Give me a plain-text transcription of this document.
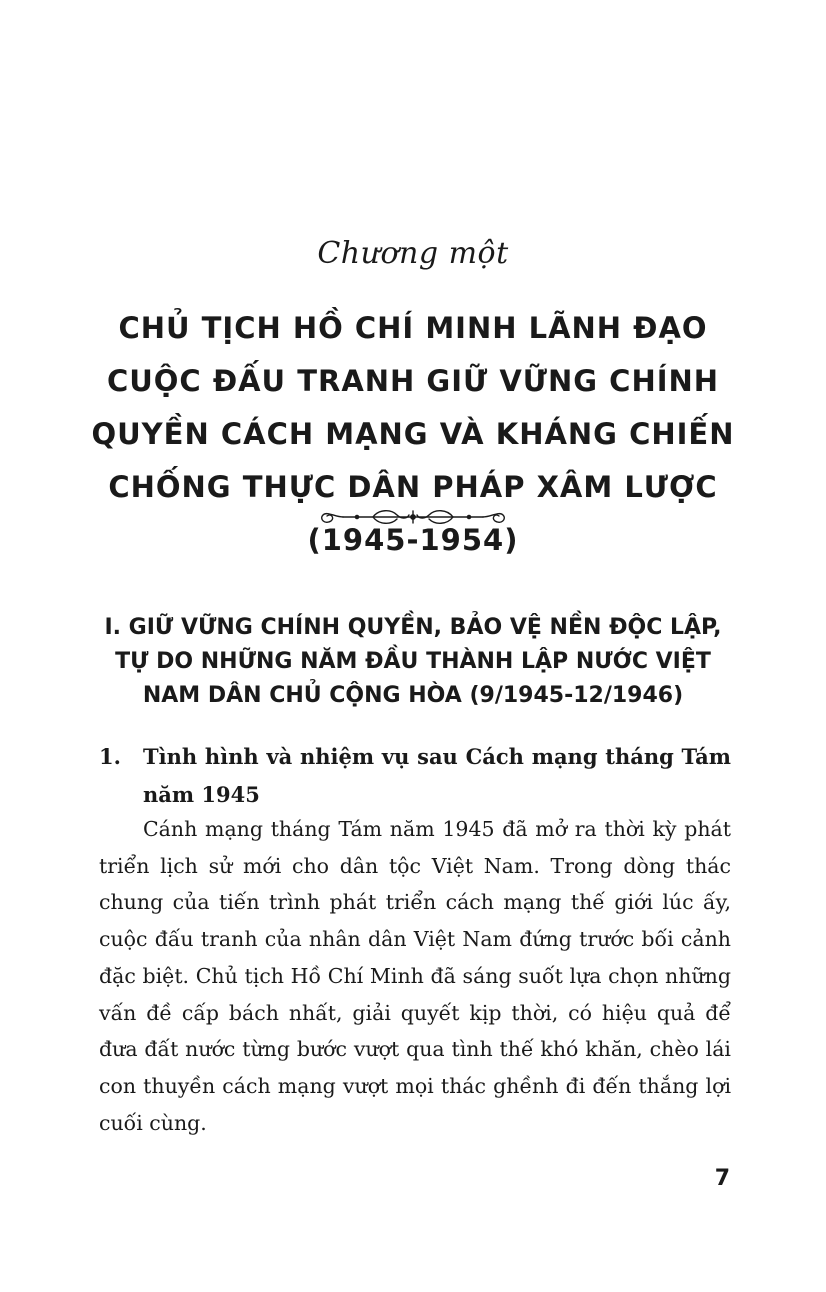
Chương một
CHỦ TỊCH HỒ CHÍ MINH LÃNH ĐẠO CUỘC ĐẤU TRANH GIỮ VỮNG CHÍNH QUYỀN CÁCH MẠNG VÀ KHÁNG CHIẾN CHỐNG THỰC DÂN PHÁP XÂM LƯỢC (1945-1954)
I. GIỮ VỮNG CHÍNH QUYỀN, BẢO VỆ NỀN ĐỘC LẬP, TỰ DO NHỮNG NĂM ĐẦU THÀNH LẬP NƯỚC VIỆT NAM DÂN CHỦ CỘNG HÒA (9/1945-12/1946)
1.	Tình hình và nhiệm vụ sau Cách mạng tháng Tám năm 1945

Cánh mạng tháng Tám năm 1945 đã mở ra thời kỳ phát triển lịch sử mới cho dân tộc Việt Nam. Trong dòng thác chung của tiến trình phát triển cách mạng thế giới lúc ấy, cuộc đấu tranh của nhân dân Việt Nam đứng trước bối cảnh đặc biệt. Chủ tịch Hồ Chí Minh đã sáng suốt lựa chọn những vấn đề cấp bách nhất, giải quyết kịp thời, có hiệu quả để đưa đất nước từng bước vượt qua tình thế khó khăn, chèo lái con thuyền cách mạng vượt mọi thác ghềnh đi đến thắng lợi cuối cùng.

7
